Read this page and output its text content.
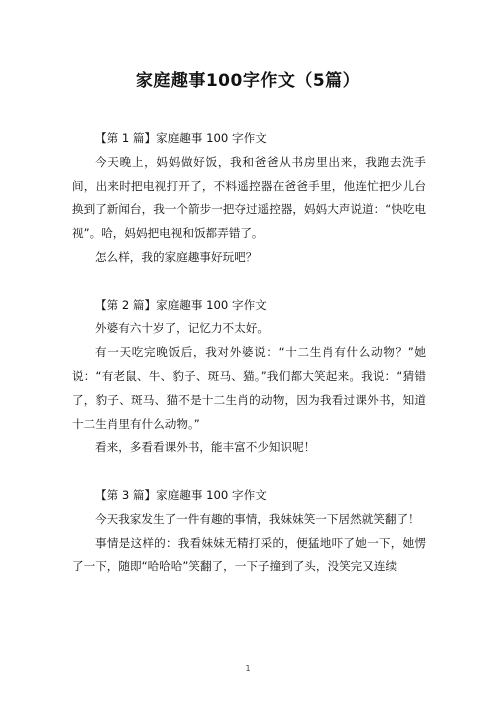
家庭趣事100字作文（5篇）

【第 1 篇】家庭趣事 100 字作文

今天晚上，妈妈做好饭，我和爸爸从书房里出来，我跑去洗手间，出来时把电视打开了，不料遥控器在爸爸手里，他连忙把少儿台换到了新闻台，我一个箭步一把夺过遥控器，妈妈大声说道：“快吃电视”。哈，妈妈把电视和饭都弄错了。

怎么样，我的家庭趣事好玩吧？

【第 2 篇】家庭趣事 100 字作文

外婆有六十岁了，记忆力不太好。

有一天吃完晚饭后，我对外婆说：“十二生肖有什么动物？”她说：“有老鼠、牛、豹子、斑马、猫。”我们都大笑起来。我说：“猜错了，豹子、斑马、猫不是十二生肖的动物，因为我看过课外书，知道十二生肖里有什么动物。”

看来，多看看课外书，能丰富不少知识呢！

【第 3 篇】家庭趣事 100 字作文

今天我家发生了一件有趣的事情，我妹妹笑一下居然就笑翻了！

事情是这样的：我看妹妹无精打采的，便猛地吓了她一下，她愣了一下，随即“哈哈哈”笑翻了，一下子撞到了头，没笑完又连续

1
